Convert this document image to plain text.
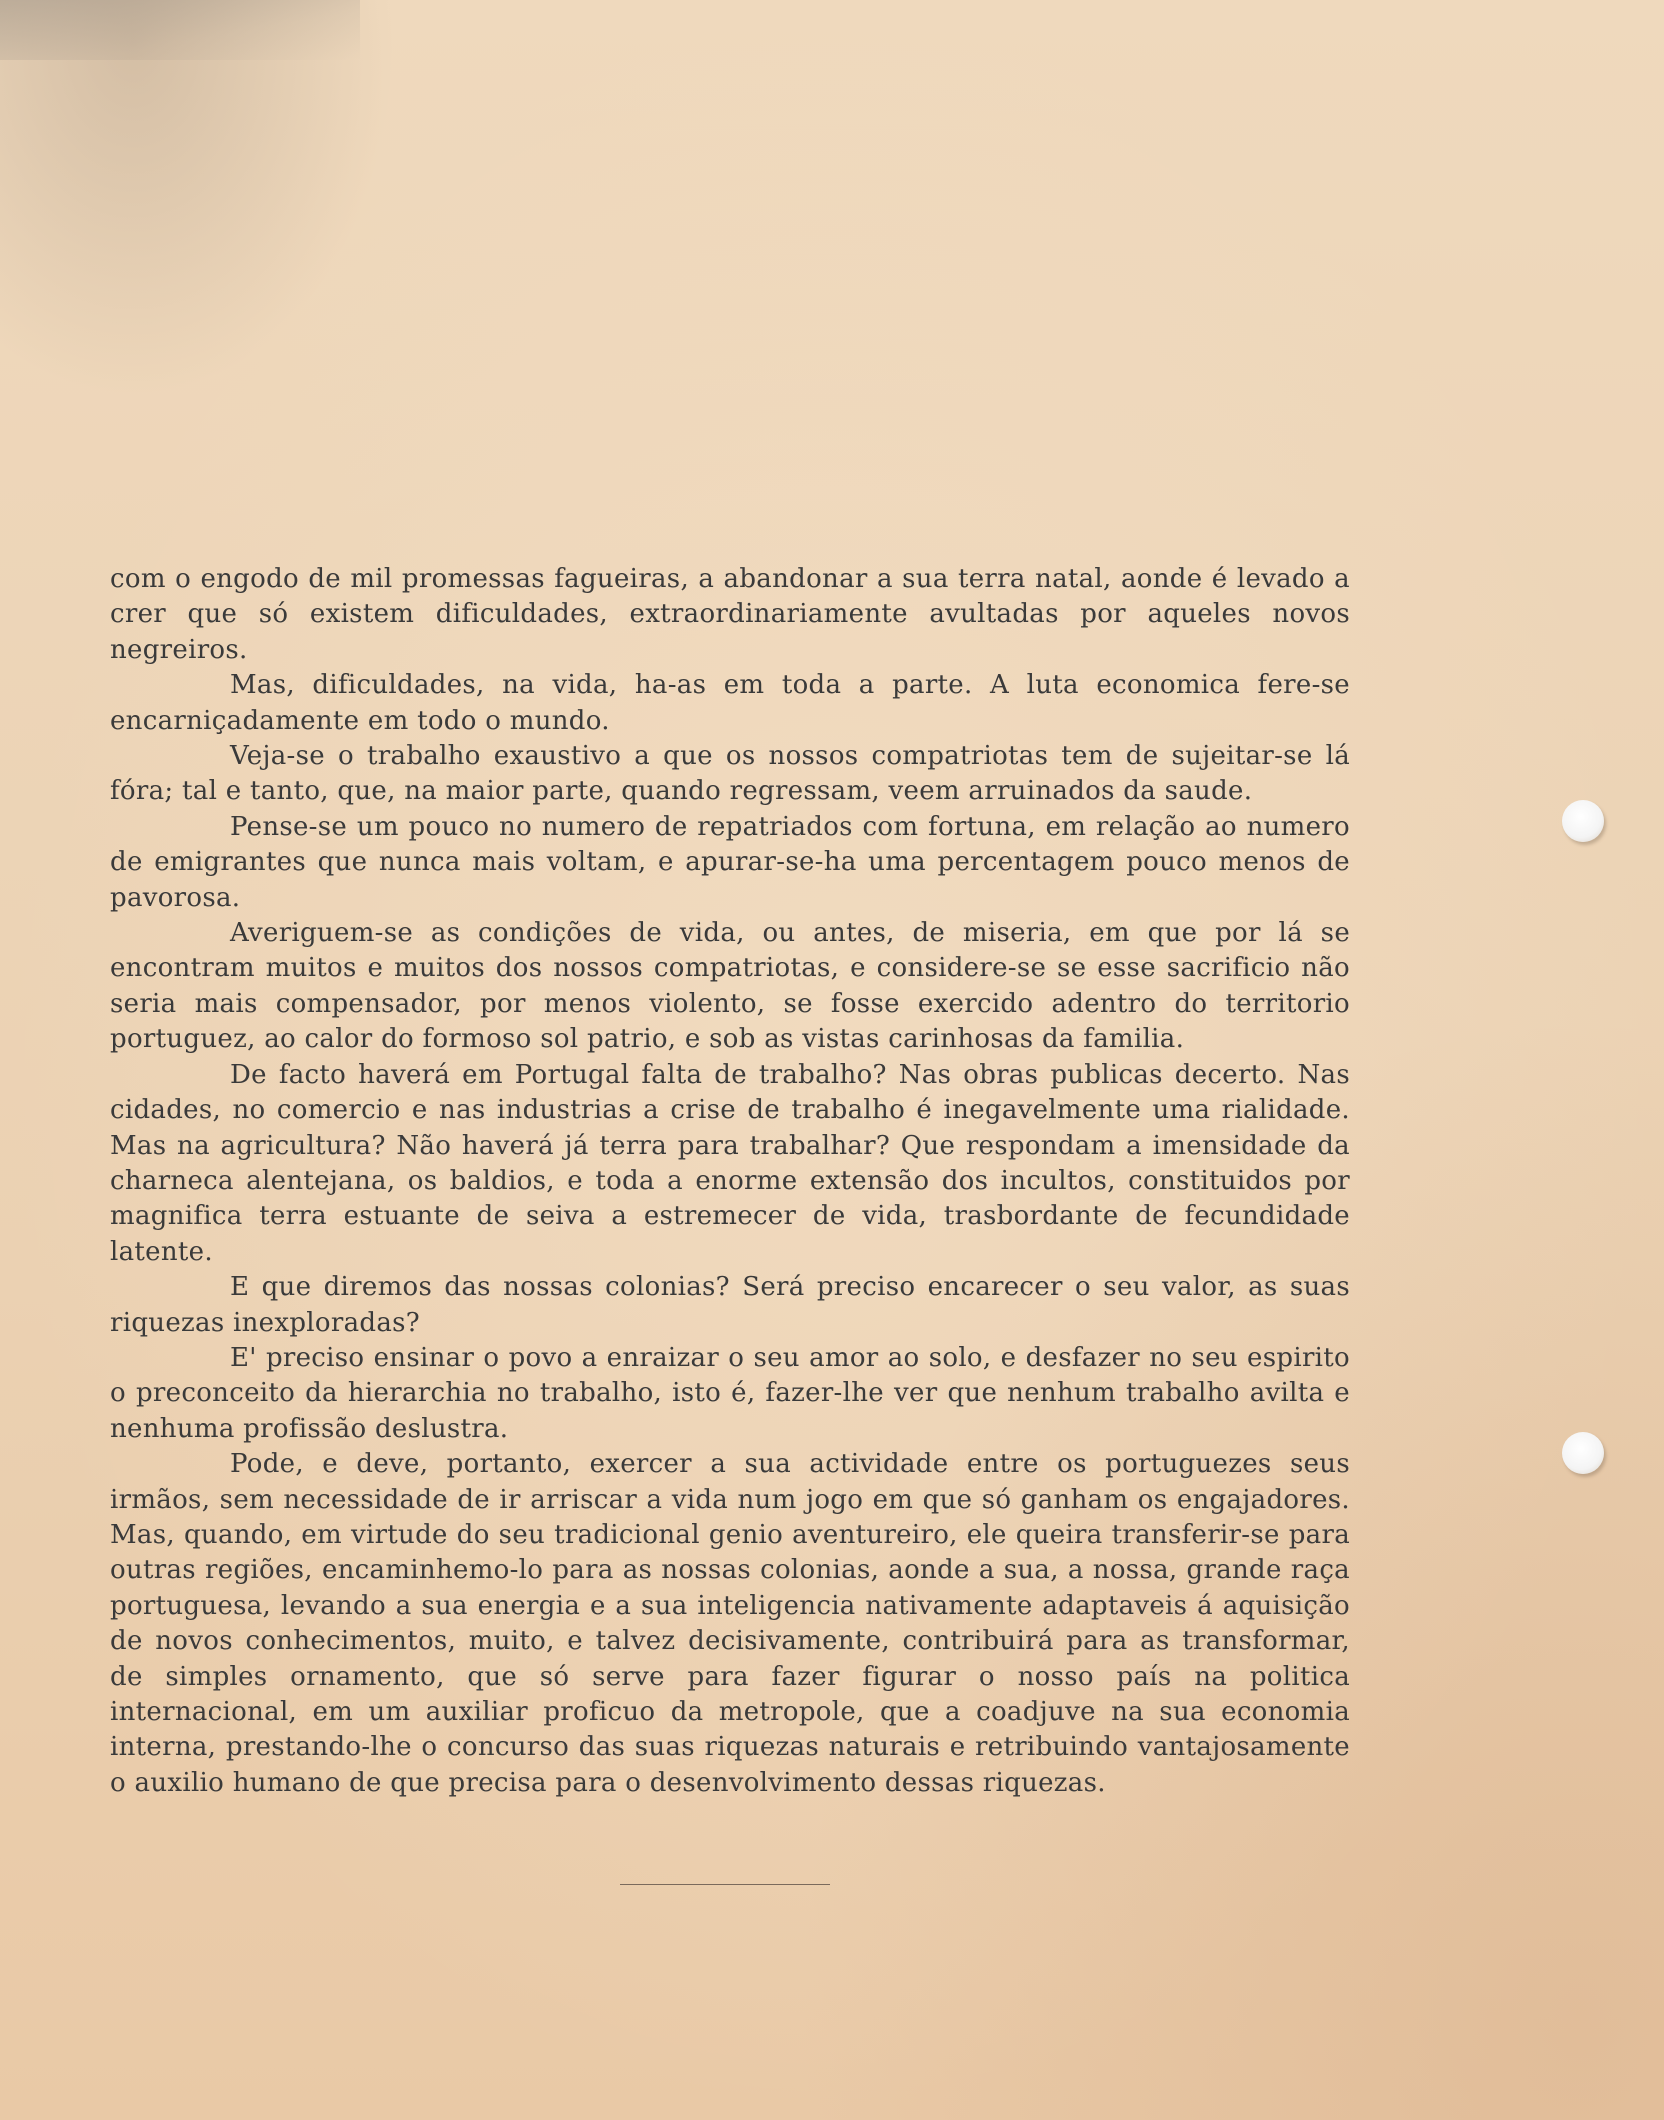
com o engodo de mil promessas fagueiras, a abandonar a sua terra natal, aonde é levado a crer que só existem dificuldades, extraordinariamente avultadas por aqueles novos negreiros.

Mas, dificuldades, na vida, ha-as em toda a parte. A luta economica fere-se encarniçadamente em todo o mundo.

Veja-se o trabalho exaustivo a que os nossos compatriotas tem de sujeitar-se lá fóra; tal e tanto, que, na maior parte, quando regressam, veem arruinados da saude.

Pense-se um pouco no numero de repatriados com fortuna, em relação ao numero de emigrantes que nunca mais voltam, e apurar-se-ha uma percentagem pouco menos de pavorosa.

Averiguem-se as condições de vida, ou antes, de miseria, em que por lá se encontram muitos e muitos dos nossos compatriotas, e considere-se se esse sacrificio não seria mais compensador, por menos violento, se fosse exercido adentro do territorio portuguez, ao calor do formoso sol patrio, e sob as vistas carinhosas da familia.

De facto haverá em Portugal falta de trabalho? Nas obras publicas decerto. Nas cidades, no comercio e nas industrias a crise de trabalho é inegavelmente uma rialidade. Mas na agricultura? Não haverá já terra para trabalhar? Que respondam a imensidade da charneca alentejana, os baldios, e toda a enorme extensão dos incultos, constituidos por magnifica terra estuante de seiva a estremecer de vida, trasbordante de fecundidade latente.

E que diremos das nossas colonias? Será preciso encarecer o seu valor, as suas riquezas inexploradas?

E' preciso ensinar o povo a enraizar o seu amor ao solo, e desfazer no seu espirito o preconceito da hierarchia no trabalho, isto é, fazer-lhe ver que nenhum trabalho avilta e nenhuma profissão deslustra.

Pode, e deve, portanto, exercer a sua actividade entre os portuguezes seus irmãos, sem necessidade de ir arriscar a vida num jogo em que só ganham os engajadores. Mas, quando, em virtude do seu tradicional genio aventureiro, ele queira transferir-se para outras regiões, encaminhemo-lo para as nossas colonias, aonde a sua, a nossa, grande raça portuguesa, levando a sua energia e a sua inteligencia nativamente adaptaveis á aquisição de novos conhecimentos, muito, e talvez decisivamente, contribuirá para as transformar, de simples ornamento, que só serve para fazer figurar o nosso país na politica internacional, em um auxiliar proficuo da metropole, que a coadjuve na sua economia interna, prestando-lhe o concurso das suas riquezas naturais e retribuindo vantajosamente o auxilio humano de que precisa para o desenvolvimento dessas riquezas.
